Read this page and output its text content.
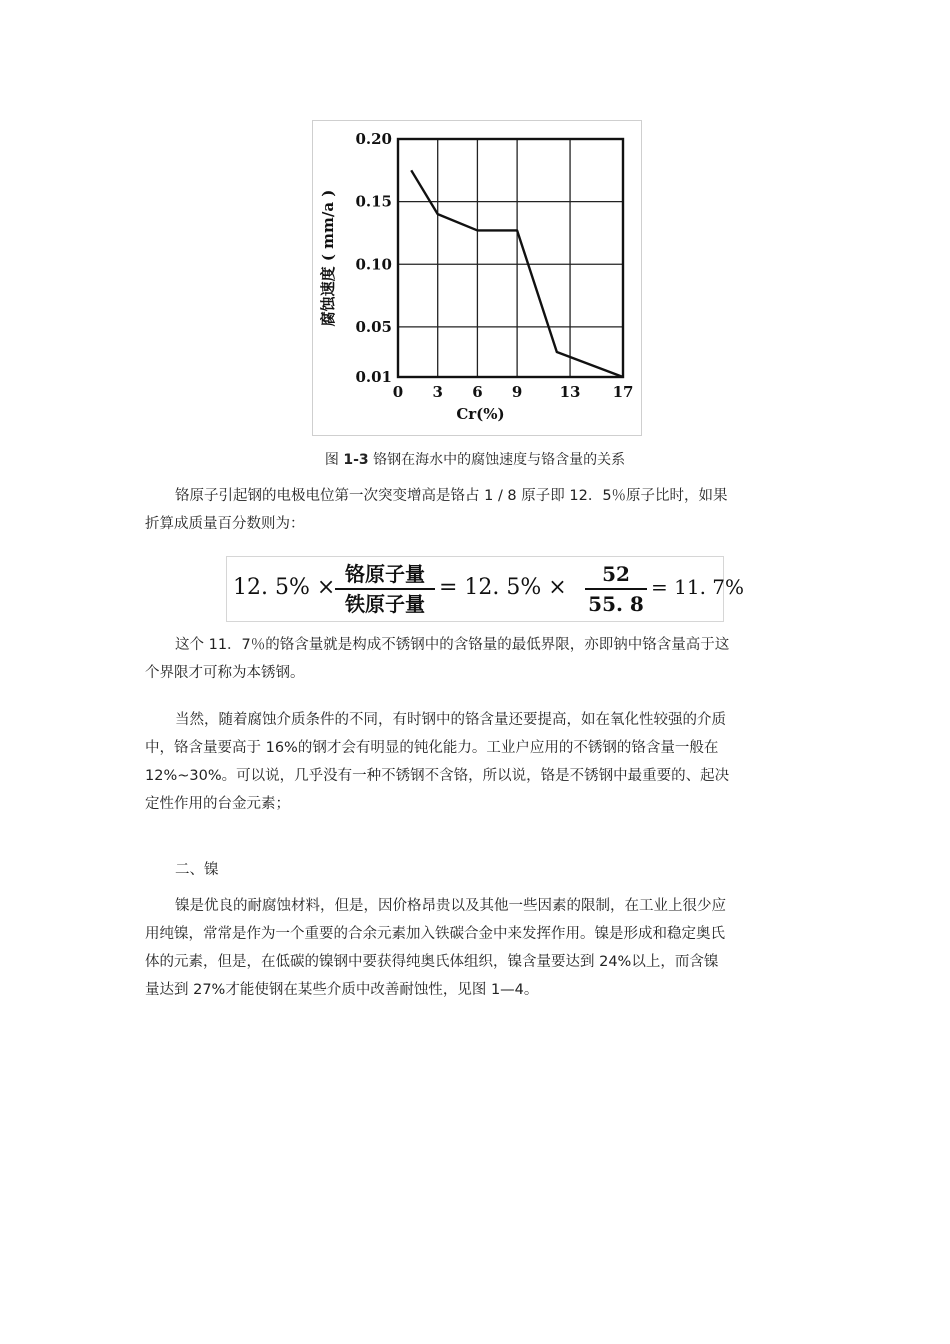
0.01
0.05
0.10
0.15
0.20
0 3 6 9 13 17
Cr(%)
腐蚀速度 ( mm/a )
图 1-3 铬钢在海水中的腐蚀速度与铬含量的关系
铬原子引起钢的电极电位第一次突变增高是铬占 1 / 8 原子即 12．5％原子比时，如果
折算成质量百分数则为：
12. 5% ×
铬原子量
铁原子量
= 12. 5% ×
52
55. 8
= 11. 7%
这个 11．7％的铬含量就是构成不锈钢中的含铬量的最低界限，亦即钠中铬含量高于这
个界限才可称为本锈钢。
当然，随着腐蚀介质条件的不同，有时钢中的铬含量还要提高，如在氧化性较强的介质
中，铬含量要高于 16%的钢才会有明显的钝化能力。工业户应用的不锈钢的铬含量一般在
12%~30%。可以说，几乎没有一种不锈钢不含铬，所以说，铬是不锈钢中最重要的、起决
定性作用的台金元素；
二、镍
镍是优良的耐腐蚀材料，但是，因价格昂贵以及其他一些因素的限制，在工业上很少应
用纯镍，常常是作为一个重要的合余元素加入铁碳合金中来发挥作用。镍是形成和稳定奥氏
体的元素，但是，在低碳的镍钢中要获得纯奥氏体组织，镍含量要达到 24%以上，而含镍
量达到 27%才能使钢在某些介质中改善耐蚀性，见图 1—4。
